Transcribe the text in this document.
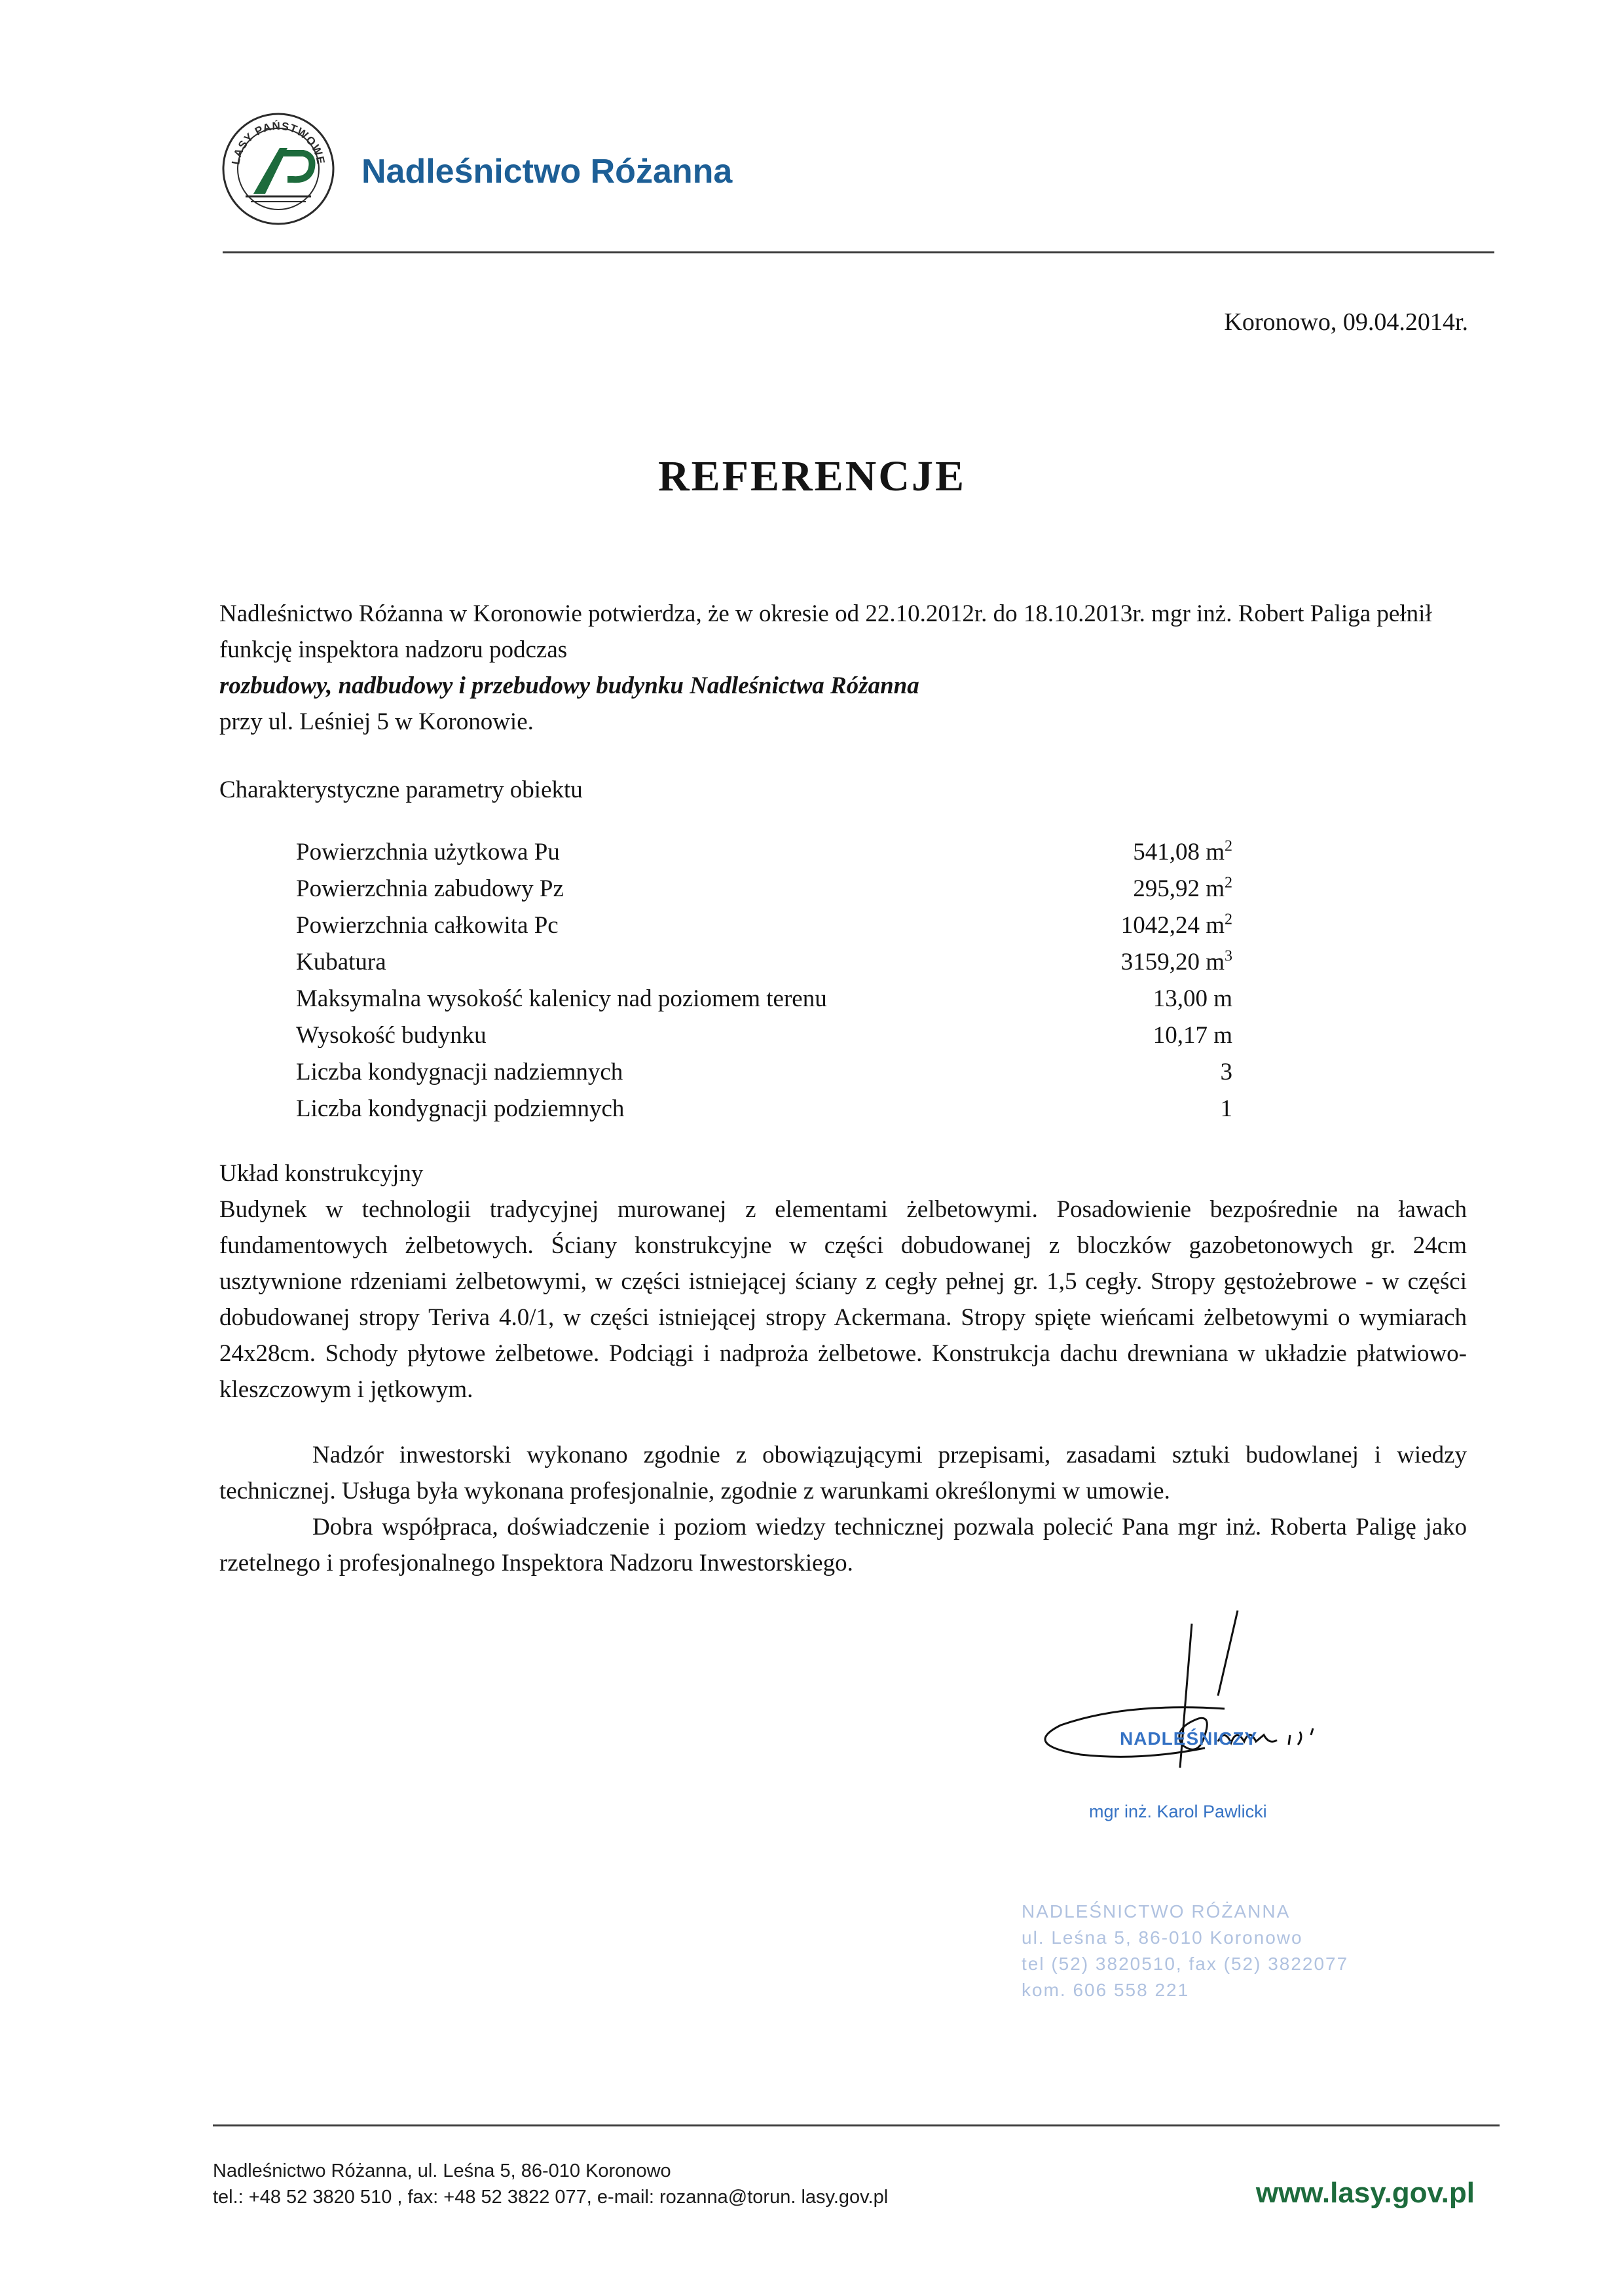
LASY PAŃSTWOWE Nadleśnictwo Różanna
Koronowo, 09.04.2014r.
REFERENCJE

Nadleśnictwo Różanna w Koronowie potwierdza, że w okresie od 22.10.2012r. do 18.10.2013r. mgr inż. Robert Paliga pełnił funkcję inspektora nadzoru podczas

rozbudowy, nadbudowy i przebudowy budynku Nadleśnictwa Różanna

przy ul. Leśniej 5 w Koronowie.

Charakterystyczne parametry obiektu
Powierzchnia użytkowa Pu	541,08 $m^2$
Powierzchnia zabudowy Pz	295,92 $m^2$
Powierzchnia całkowita Pc	1042,24 $m^2$
Kubatura	3159,20 $m^3$
Maksymalna wysokość kalenicy nad poziomem terenu	13,00 m
Wysokość budynku	10,17 m
Liczba kondygnacji nadziemnych	3
Liczba kondygnacji podziemnych	1

Układ konstrukcyjny

Budynek w technologii tradycyjnej murowanej z elementami żelbetowymi. Posadowienie bezpośrednie na ławach fundamentowych żelbetowych. Ściany konstrukcyjne w części dobudowanej z bloczków gazobetonowych gr. 24cm usztywnione rdzeniami żelbetowymi, w części istniejącej ściany z cegły pełnej gr. 1,5 cegły. Stropy gęstożebrowe - w części dobudowanej stropy Teriva 4.0/1, w części istniejącej stropy Ackermana. Stropy spięte wieńcami żelbetowymi o wymiarach 24x28cm. Schody płytowe żelbetowe. Podciągi i nadproża żelbetowe. Konstrukcja dachu drewniana w układzie płatwiowo-kleszczowym i jętkowym.

Nadzór inwestorski wykonano zgodnie z obowiązującymi przepisami, zasadami sztuki budowlanej i wiedzy technicznej. Usługa była wykonana profesjonalnie, zgodnie z warunkami określonymi w umowie.

Dobra współpraca, doświadczenie i poziom wiedzy technicznej pozwala polecić Pana mgr inż. Roberta Paligę jako rzetelnego i profesjonalnego Inspektora Nadzoru Inwestorskiego.

NADLEŚNICZY
mgr inż. Karol Pawlicki
NADLEŚNICTWO RÓŻANNA
ul. Leśna 5, 86-010 Koronowo
tel (52) 3820510, fax (52) 3822077
kom. 606 558 221
Nadleśnictwo Różanna, ul. Leśna 5, 86-010 Koronowo
tel.: +48 52 3820 510 , fax: +48 52 3822 077, e-mail: rozanna@torun. lasy.gov.pl	www.lasy.gov.pl
